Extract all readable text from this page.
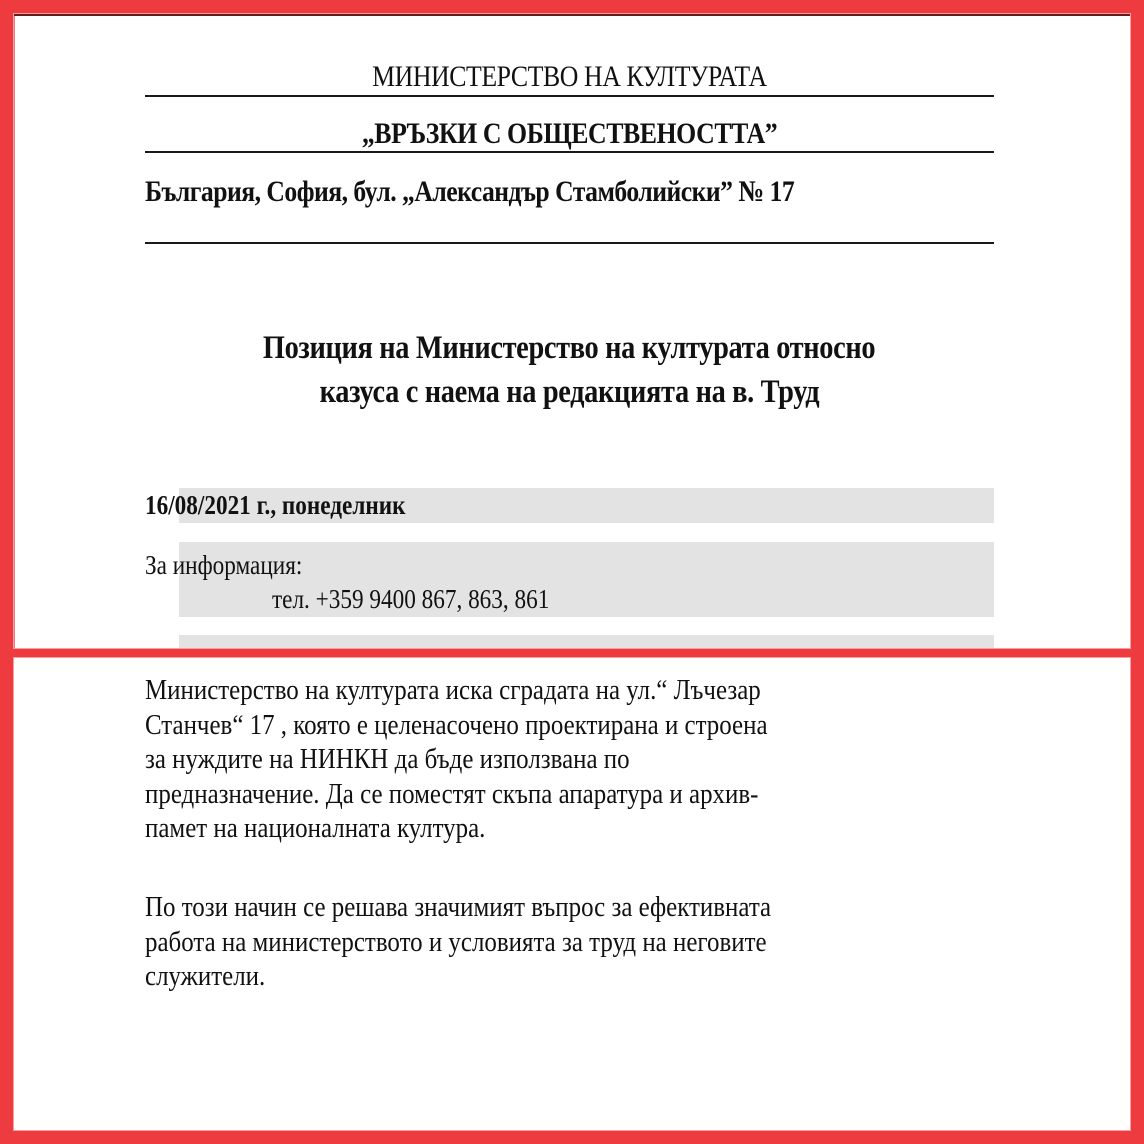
МИНИСТЕРСТВО НА КУЛТУРАТА
„ВРЪЗКИ С ОБЩЕСТВЕНОСТТА”
България, София, бул. „Александър Стамболийски” № 17
Позиция на Министерство на културата относно
казуса с наема на редакцията на в. Труд
16/08/2021 г., понеделник
За информация:
тел. +359 9400 867, 863, 861
Министерство на културата иска сградата на ул.“ Лъчезар
Станчев“ 17 , която е целенасочено проектирана и строена
за нуждите на НИНКН да бъде използвана по
предназначение. Да се поместят скъпа апаратура и архив-
памет на националната култура.
По този начин се решава значимият въпрос за ефективната
работа на министерството и условията за труд на неговите
служители.
